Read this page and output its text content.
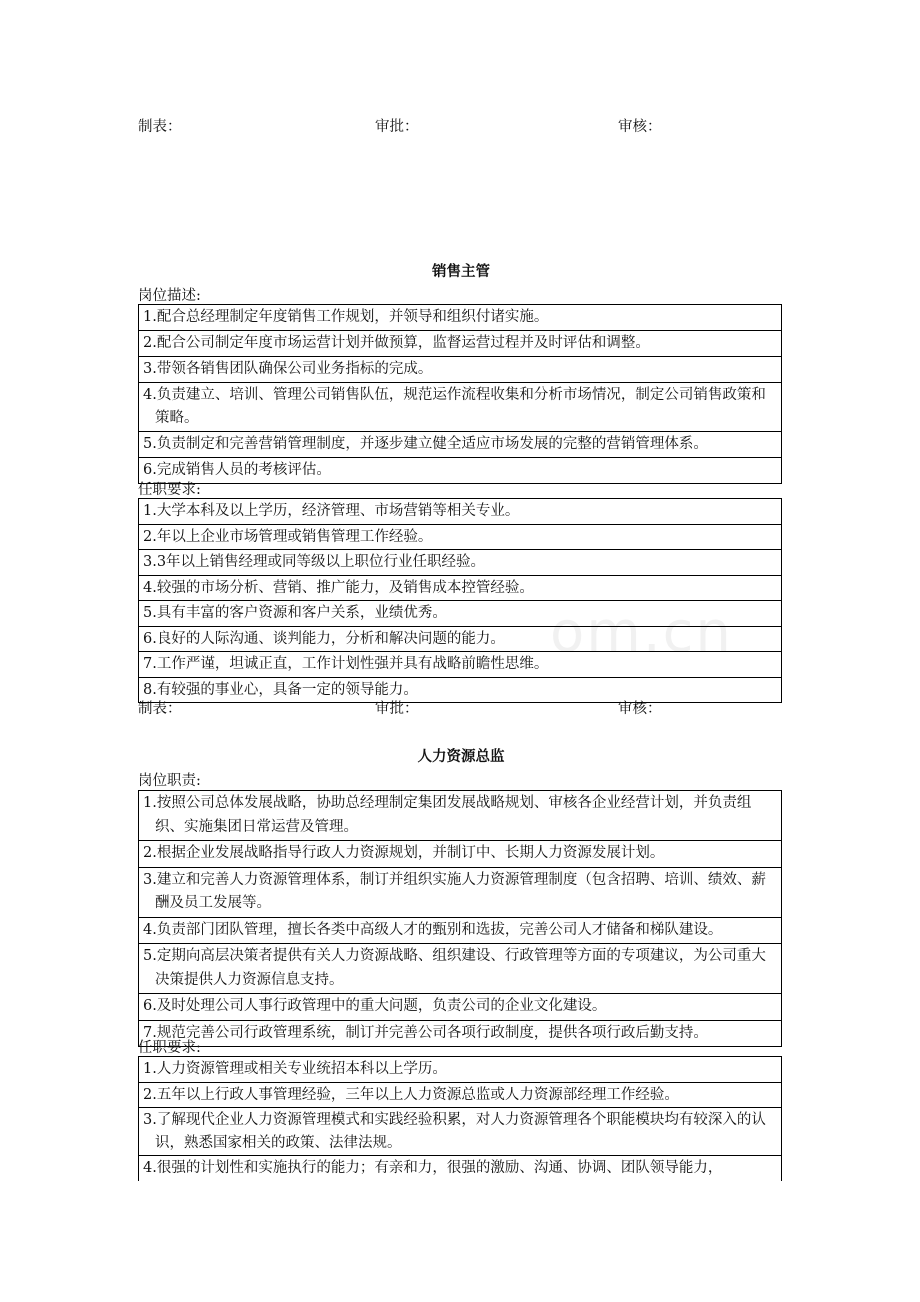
om.cn
制表：	审批：	审核：
销售主管
岗位描述:
1.配合总经理制定年度销售工作规划，并领导和组织付诸实施。
2.配合公司制定年度市场运营计划并做预算，监督运营过程并及时评估和调整。
3.带领各销售团队确保公司业务指标的完成。
4.负责建立、培训、管理公司销售队伍，规范运作流程收集和分析市场情况，制定公司销售政策和策略。
5.负责制定和完善营销管理制度，并逐步建立健全适应市场发展的完整的营销管理体系。
6.完成销售人员的考核评估。
任职要求:
1.大学本科及以上学历，经济管理、市场营销等相关专业。
2.年以上企业市场管理或销售管理工作经验。
3.3年以上销售经理或同等级以上职位行业任职经验。
4.较强的市场分析、营销、推广能力，及销售成本控管经验。
5.具有丰富的客户资源和客户关系，业绩优秀。
6.良好的人际沟通、谈判能力，分析和解决问题的能力。
7.工作严谨，坦诚正直，工作计划性强并具有战略前瞻性思维。
8.有较强的事业心，具备一定的领导能力。
制表：	审批：	审核：
人力资源总监
岗位职责:
1.按照公司总体发展战略，协助总经理制定集团发展战略规划、审核各企业经营计划，并负责组织、实施集团日常运营及管理。
2.根据企业发展战略指导行政人力资源规划，并制订中、长期人力资源发展计划。
3.建立和完善人力资源管理体系，制订并组织实施人力资源管理制度（包含招聘、培训、绩效、薪酬及员工发展等。
4.负责部门团队管理，擅长各类中高级人才的甄别和选拔，完善公司人才储备和梯队建设。
5.定期向高层决策者提供有关人力资源战略、组织建设、行政管理等方面的专项建议，为公司重大决策提供人力资源信息支持。
6.及时处理公司人事行政管理中的重大问题，负责公司的企业文化建设。
7.规范完善公司行政管理系统，制订并完善公司各项行政制度，提供各项行政后勤支持。
任职要求:
1.人力资源管理或相关专业统招本科以上学历。
2.五年以上行政人事管理经验，三年以上人力资源总监或人力资源部经理工作经验。
3.了解现代企业人力资源管理模式和实践经验积累，对人力资源管理各个职能模块均有较深入的认识，熟悉国家相关的政策、法律法规。
4.很强的计划性和实施执行的能力；有亲和力，很强的激励、沟通、协调、团队领导能力，
